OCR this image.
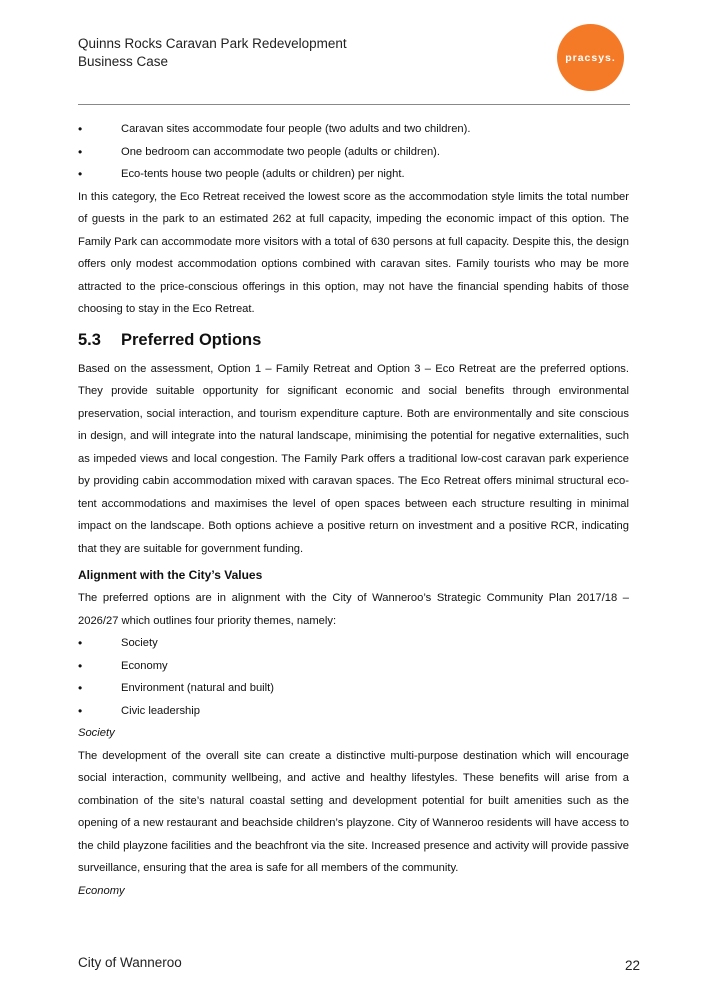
Quinns Rocks Caravan Park Redevelopment
Business Case	pracsys.
• Caravan sites accommodate four people (two adults and two children).
• One bedroom can accommodate two people (adults or children).
• Eco-tents house two people (adults or children) per night.

In this category, the Eco Retreat received the lowest score as the accommodation style limits the total number of guests in the park to an estimated 262 at full capacity, impeding the economic impact of this option. The Family Park can accommodate more visitors with a total of 630 persons at full capacity. Despite this, the design offers only modest accommodation options combined with caravan sites. Family tourists who may be more attracted to the price-conscious offerings in this option, may not have the financial spending habits of those choosing to stay in the Eco Retreat.

5.3	Preferred Options

Based on the assessment, Option 1 – Family Retreat and Option 3 – Eco Retreat are the preferred options. They provide suitable opportunity for significant economic and social benefits through environmental preservation, social interaction, and tourism expenditure capture. Both are environmentally and site conscious in design, and will integrate into the natural landscape, minimising the potential for negative externalities, such as impeded views and local congestion. The Family Park offers a traditional low-cost caravan park experience by providing cabin accommodation mixed with caravan spaces. The Eco Retreat offers minimal structural eco-tent accommodations and maximises the level of open spaces between each structure resulting in minimal impact on the landscape. Both options achieve a positive return on investment and a positive RCR, indicating that they are suitable for government funding.

Alignment with the City’s Values

The preferred options are in alignment with the City of Wanneroo’s Strategic Community Plan 2017/18 – 2026/27 which outlines four priority themes, namely:

• Society
• Economy
• Environment (natural and built)
• Civic leadership
Society

The development of the overall site can create a distinctive multi-purpose destination which will encourage social interaction, community wellbeing, and active and healthy lifestyles. These benefits will arise from a combination of the site’s natural coastal setting and development potential for built amenities such as the opening of a new restaurant and beachside children’s playzone. City of Wanneroo residents will have access to the child playzone facilities and the beachfront via the site. Increased presence and activity will provide passive surveillance, ensuring that the area is safe for all members of the community.

Economy
City of Wanneroo	22
